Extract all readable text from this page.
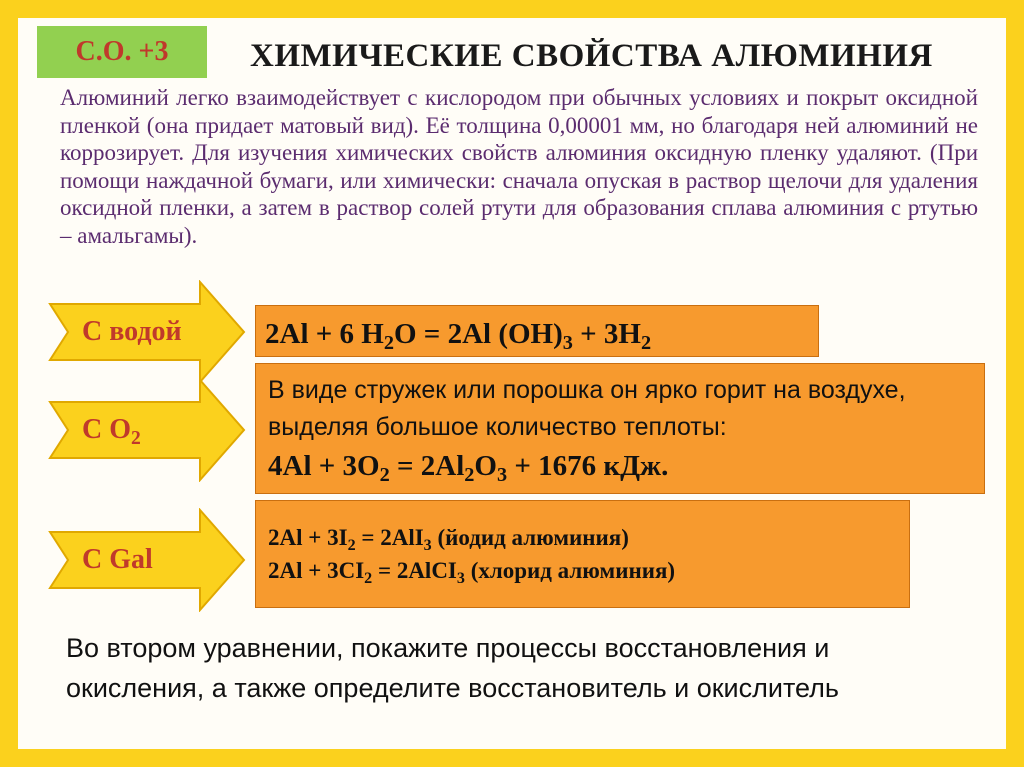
С.О. +3	ХИМИЧЕСКИЕ СВОЙСТВА АЛЮМИНИЯ
Алюминий легко взаимодействует с кислородом при обычных условиях и покрыт оксидной пленкой (она придает матовый вид). Её толщина 0,00001 мм, но благодаря ней алюминий не коррозирует. Для изучения химических свойств алюминия оксидную пленку удаляют. (При помощи наждачной бумаги, или химически: сначала опуская в раствор щелочи для удаления оксидной пленки, а затем в раствор солей ртути для образования сплава алюминия с ртутью – амальгамы).
С водой
С $O_2$
С Gal
2Al + 6 $H_2O = 2Al$ $(OH)_3 + 3H_2$
В виде стружек или порошка он ярко горит на воздухе, выделяя большое количество теплоты:
$4Al + 3O_2 = 2Al_2O_3 + 1676$ кДж.
$2Al + 3I_2 = 2AlI_3$ (йодид алюминия)
$2Al + 3CI_2$ = 2AlCI$_3$ (хлорид алюминия)
Во втором уравнении, покажите процессы восстановления и окисления, а также определите восстановитель и окислитель
